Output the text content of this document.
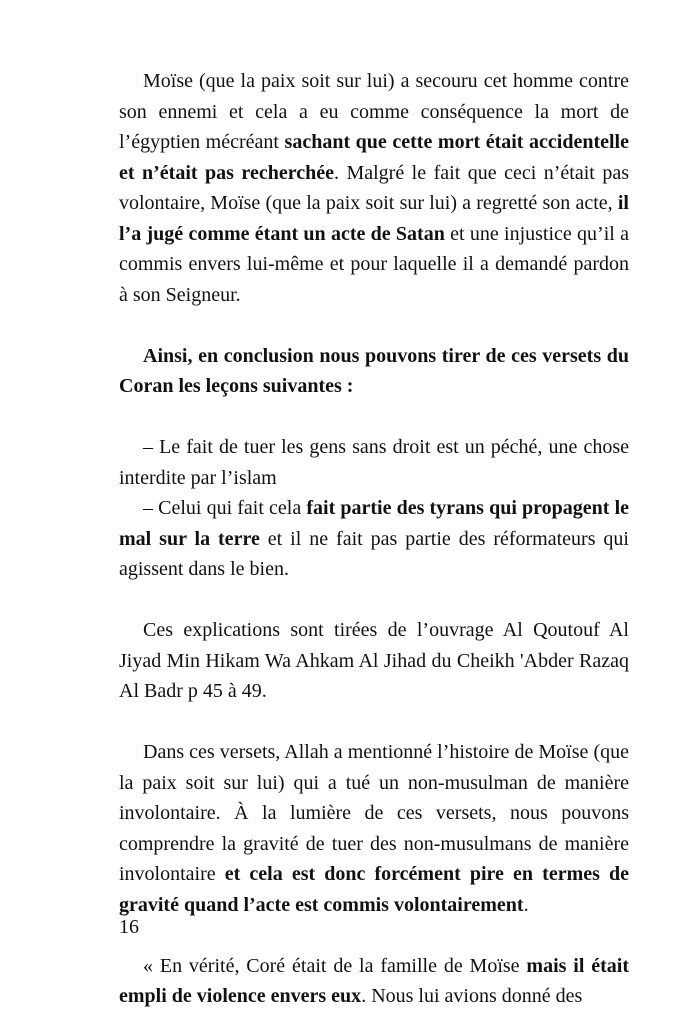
Moïse (que la paix soit sur lui) a secouru cet homme contre son ennemi et cela a eu comme conséquence la mort de l’égyptien mécréant sachant que cette mort était accidentelle et n’était pas recherchée. Malgré le fait que ceci n’était pas volontaire, Moïse (que la paix soit sur lui) a regretté son acte, il l’a jugé comme étant un acte de Satan et une injustice qu’il a commis envers lui-même et pour laquelle il a demandé pardon à son Seigneur.

Ainsi, en conclusion nous pouvons tirer de ces versets du Coran les leçons suivantes :

– Le fait de tuer les gens sans droit est un péché, une chose interdite par l’islam

– Celui qui fait cela fait partie des tyrans qui propagent le mal sur la terre et il ne fait pas partie des réformateurs qui agissent dans le bien.

Ces explications sont tirées de l’ouvrage Al Qoutouf Al Jiyad Min Hikam Wa Ahkam Al Jihad du Cheikh 'Abder Razaq Al Badr p 45 à 49.

Dans ces versets, Allah a mentionné l’histoire de Moïse (que la paix soit sur lui) qui a tué un non-musulman de manière involontaire. À la lumière de ces versets, nous pouvons comprendre la gravité de tuer des non-musulmans de manière involontaire et cela est donc forcément pire en termes de gravité quand l’acte est commis volontairement.

« En vérité, Coré était de la famille de Moïse mais il était empli de violence envers eux. Nous lui avions donné des

16
